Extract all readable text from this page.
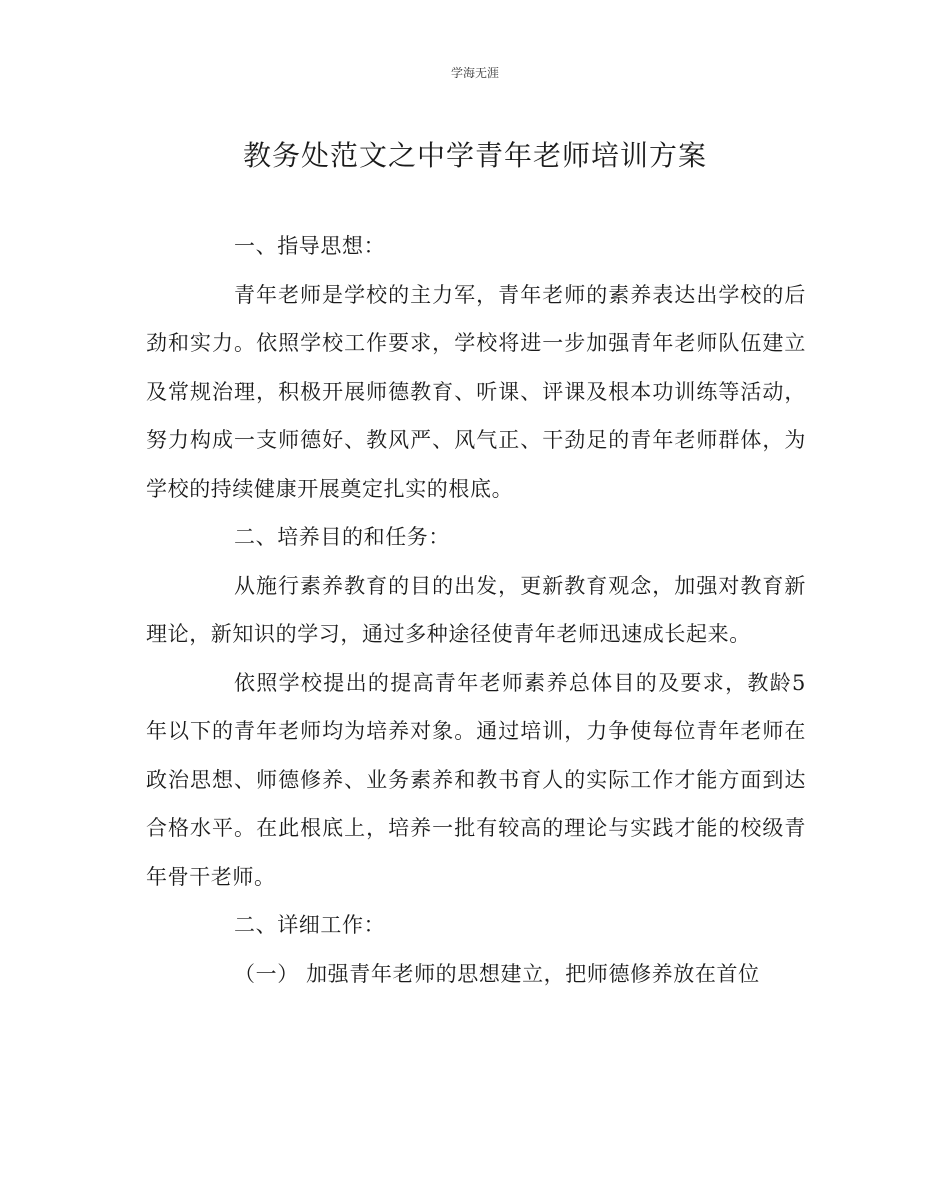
学海无涯
教务处范文之中学青年老师培训方案

一、指导思想：

青年老师是学校的主力军，青年老师的素养表达出学校的后劲和实力。依照学校工作要求，学校将进一步加强青年老师队伍建立及常规治理，积极开展师德教育、听课、评课及根本功训练等活动，努力构成一支师德好、教风严、风气正、干劲足的青年老师群体，为学校的持续健康开展奠定扎实的根底。

二、培养目的和任务：

从施行素养教育的目的出发，更新教育观念，加强对教育新理论，新知识的学习，通过多种途径使青年老师迅速成长起来。

依照学校提出的提高青年老师素养总体目的及要求，教龄5年以下的青年老师均为培养对象。通过培训，力争使每位青年老师在政治思想、师德修养、业务素养和教书育人的实际工作才能方面到达合格水平。在此根底上，培养一批有较高的理论与实践才能的校级青年骨干老师。

二、详细工作：

（一） 加强青年老师的思想建立，把师德修养放在首位
